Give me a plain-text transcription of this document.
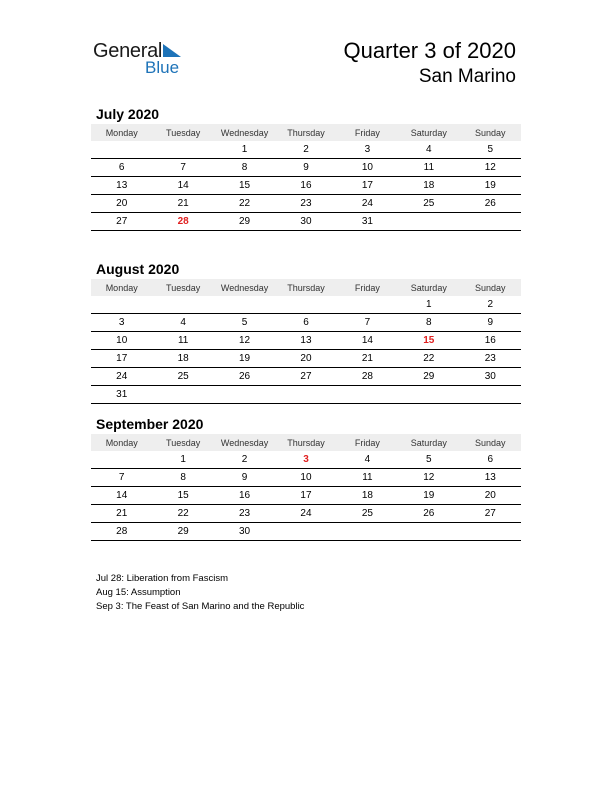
General
Blue
Quarter 3 of 2020
San Marino
July 2020
Monday	Tuesday	Wednesday	Thursday	Friday	Saturday	Sunday
		1	2	3	4	5
6	7	8	9	10	11	12
13	14	15	16	17	18	19
20	21	22	23	24	25	26
27	28	29	30	31		
August 2020
Monday	Tuesday	Wednesday	Thursday	Friday	Saturday	Sunday
					1	2
3	4	5	6	7	8	9
10	11	12	13	14	15	16
17	18	19	20	21	22	23
24	25	26	27	28	29	30
31						
September 2020
Monday	Tuesday	Wednesday	Thursday	Friday	Saturday	Sunday
	1	2	3	4	5	6
7	8	9	10	11	12	13
14	15	16	17	18	19	20
21	22	23	24	25	26	27
28	29	30				
Jul 28: Liberation from Fascism
Aug 15: Assumption
Sep 3: The Feast of San Marino and the Republic
